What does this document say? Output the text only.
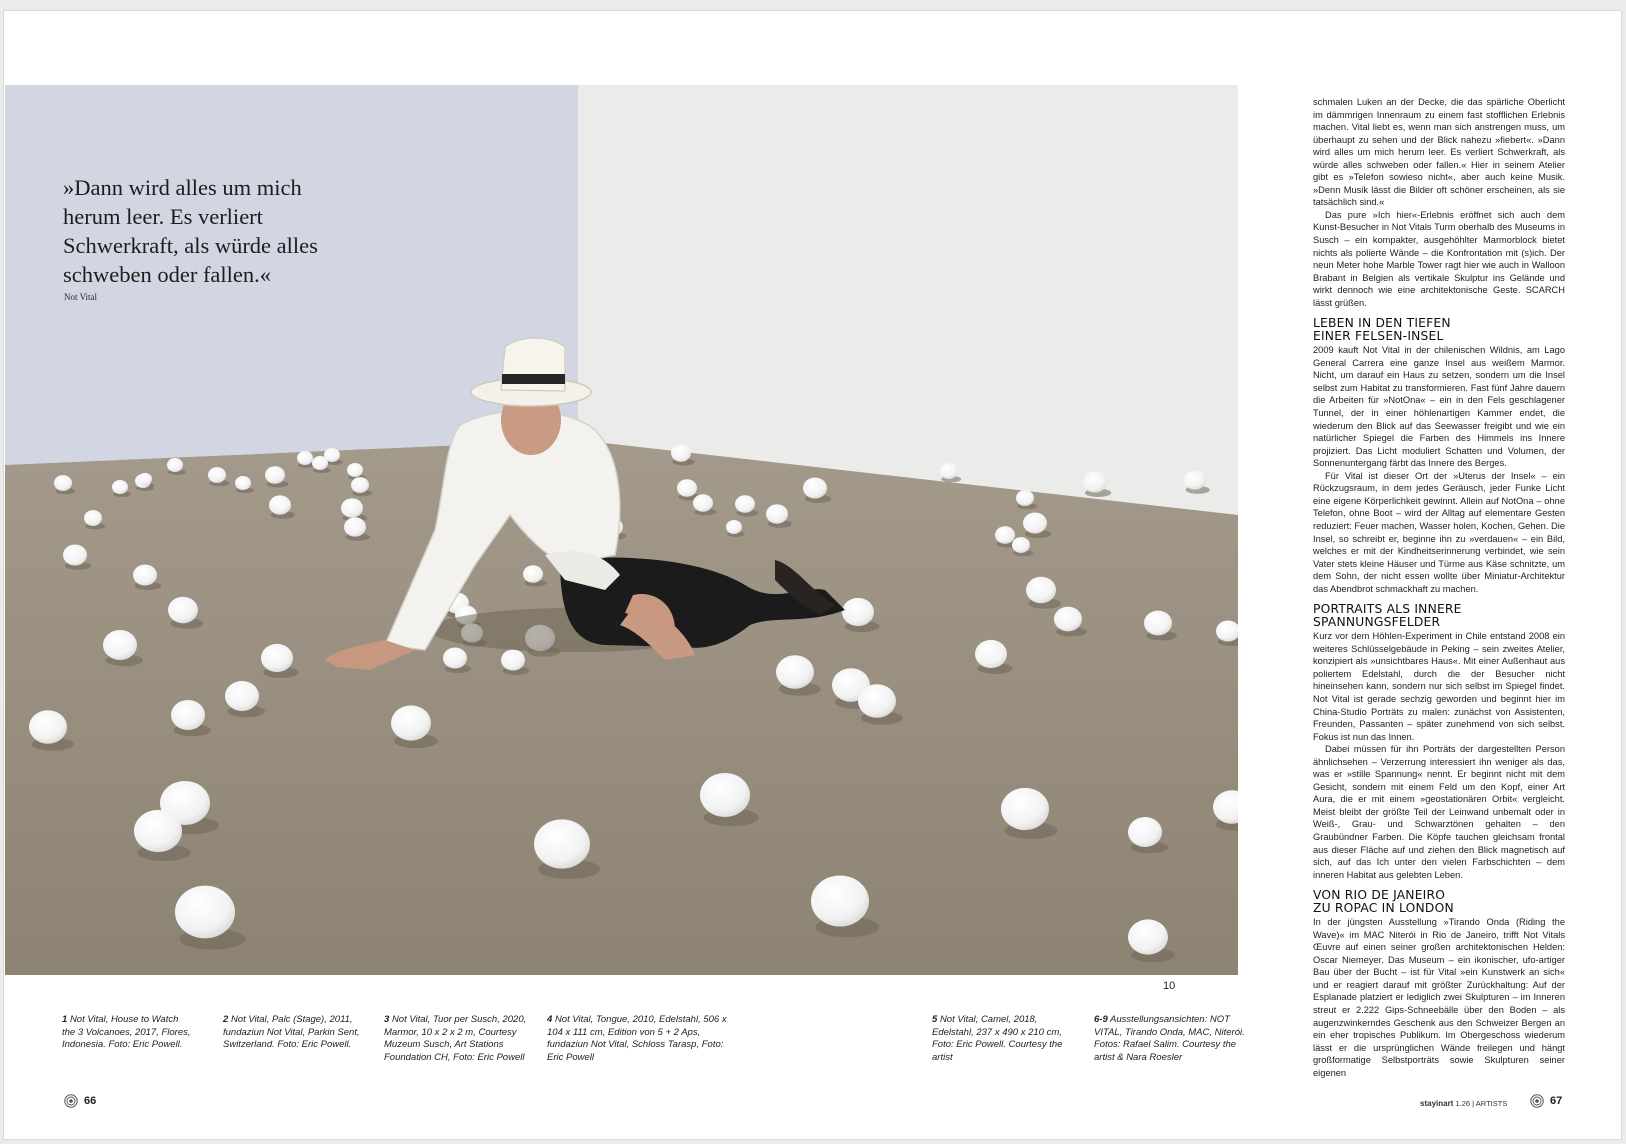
»Dann wird alles um mich herum leer. Es verliert Schwerkraft, als würde alles schweben oder fallen.«

Not Vital
10
1 Not Vital, House to Watch the 3 Volcanoes, 2017, Flores, Indonesia. Foto: Eric Powell.
2 Not Vital, Palc (Stage), 2011, fundaziun Not Vital, Parkin Sent, Switzerland. Foto: Eric Powell.
3 Not Vital, Tuor per Susch, 2020, Marmor, 10 x 2 x 2 m, Courtesy Muzeum Susch, Art Stations Foundation CH, Foto: Eric Powell
4 Not Vital, Tongue, 2010, Edelstahl, 506 x 104 x 111 cm, Edition von 5 + 2 Aps, fundaziun Not Vital, Schloss Tarasp, Foto: Eric Powell
5 Not Vital, Camel, 2018, Edelstahl, 237 x 490 x 210 cm, Foto: Eric Powell. Courtesy the artist
6-9 Ausstellungsansichten: NOT VITAL, Tirando Onda, MAC, Niterói. Fotos: Rafael Salim. Courtesy the artist & Nara Roesler

schmalen Luken an der Decke, die das spärliche Oberlicht im dämmrigen Innenraum zu einem fast stofflichen Erlebnis machen. Vital liebt es, wenn man sich anstrengen muss, um überhaupt zu sehen und der Blick nahezu »fiebert«. »Dann wird alles um mich herum leer. Es verliert Schwerkraft, als würde alles schweben oder fallen.« Hier in seinem Atelier gibt es »Telefon sowieso nicht«, aber auch keine Musik. »Denn Musik lässt die Bilder oft schöner erscheinen, als sie tatsächlich sind.«

Das pure »Ich hier«-Erlebnis eröffnet sich auch dem Kunst-Besucher in Not Vitals Turm oberhalb des Museums in Susch – ein kompakter, ausgehöhlter Marmorblock bietet nichts als polierte Wände – die Konfrontation mit (s)ich. Der neun Meter hohe Marble Tower ragt hier wie auch in Walloon Brabant in Belgien als vertikale Skulptur ins Gelände und wirkt dennoch wie eine architektonische Geste. SCARCH lässt grüßen.

LEBEN IN DEN TIEFEN
EINER FELSEN-INSEL

2009 kauft Not Vital in der chilenischen Wildnis, am Lago General Carrera eine ganze Insel aus weißem Marmor. Nicht, um darauf ein Haus zu setzen, sondern um die Insel selbst zum Habitat zu transformieren. Fast fünf Jahre dauern die Arbeiten für »NotOna« – ein in den Fels geschlagener Tunnel, der in einer höhlenartigen Kammer endet, die wiederum den Blick auf das Seewasser freigibt und wie ein natürlicher Spiegel die Farben des Himmels ins Innere projiziert. Das Licht moduliert Schatten und Volumen, der Sonnenuntergang färbt das Innere des Berges.

Für Vital ist dieser Ort der »Uterus der Insel« – ein Rückzugsraum, in dem jedes Geräusch, jeder Funke Licht eine eigene Körperlichkeit gewinnt. Allein auf NotOna – ohne Telefon, ohne Boot – wird der Alltag auf elementare Gesten reduziert: Feuer machen, Wasser holen, Kochen, Gehen. Die Insel, so schreibt er, beginne ihn zu »verdauen« – ein Bild, welches er mit der Kindheitserinnerung verbindet, wie sein Vater stets kleine Häuser und Türme aus Käse schnitzte, um dem Sohn, der nicht essen wollte über Miniatur-Architektur das Abendbrot schmackhaft zu machen.

PORTRAITS ALS INNERE
SPANNUNGSFELDER

Kurz vor dem Höhlen-Experiment in Chile entstand 2008 ein weiteres Schlüsselgebäude in Peking – sein zweites Atelier, konzipiert als »unsichtbares Haus«. Mit einer Außenhaut aus poliertem Edelstahl, durch die der Besucher nicht hineinsehen kann, sondern nur sich selbst im Spiegel findet. Not Vital ist gerade sechzig geworden und beginnt hier im China-Studio Porträts zu malen: zunächst von Assistenten, Freunden, Passanten – später zunehmend von sich selbst. Fokus ist nun das Innen.

Dabei müssen für ihn Porträts der dargestellten Person ähnlichsehen – Verzerrung interessiert ihn weniger als das, was er »stille Spannung« nennt. Er beginnt nicht mit dem Gesicht, sondern mit einem Feld um den Kopf, einer Art Aura, die er mit einem »geostationären Orbit« vergleicht. Meist bleibt der größte Teil der Leinwand unbemalt oder in Weiß-, Grau- und Schwarztönen gehalten – den Graubündner Farben. Die Köpfe tauchen gleichsam frontal aus dieser Fläche auf und ziehen den Blick magnetisch auf sich, auf das Ich unter den vielen Farbschichten – dem inneren Habitat aus gelebten Leben.

VON RIO DE JANEIRO
ZU ROPAC IN LONDON

In der jüngsten Ausstellung »Tirando Onda (Riding the Wave)« im MAC Niterói in Rio de Janeiro, trifft Not Vitals Œuvre auf einen seiner großen architektonischen Helden: Oscar Niemeyer. Das Museum – ein ikonischer, ufo-artiger Bau über der Bucht – ist für Vital »ein Kunstwerk an sich« und er reagiert darauf mit größter Zurückhaltung: Auf der Esplanade platziert er lediglich zwei Skulpturen – im Inneren streut er 2.222 Gips-Schneebälle über den Boden – als augenzwinkerndes Geschenk aus den Schweizer Bergen an ein eher tropisches Publikum. Im Obergeschoss wiederum lässt er die ursprünglichen Wände freilegen und hängt großformatige Selbstporträts sowie Skulpturen seiner eigenen

66	stayinart 1.26 | ARTISTS	67
